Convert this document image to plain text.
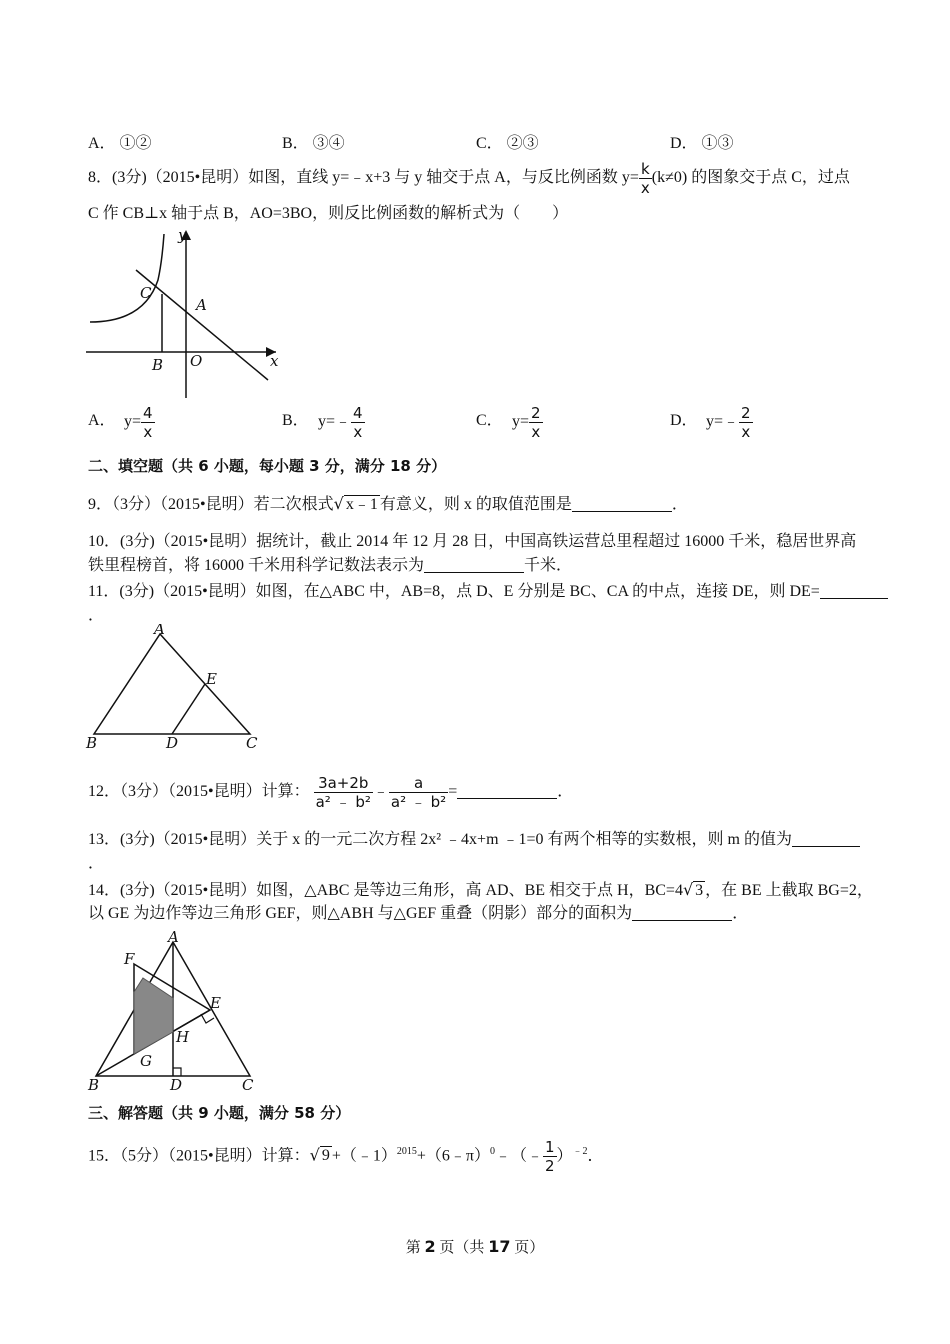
A． ①②	B． ③④	C． ②③	D． ①③
8．(3分)（2015•昆明）如图，直线 y=﹣x+3 与 y 轴交于点 A，与反比例函数 $y= \frac{k}{x} (k\ne 0)$ 的图象交于点 C，过点
C 作 CB⊥x 轴于点 B，AO=3BO，则反比例函数的解析式为（　　）
y
x
C
A
B O
A． $y= \frac{4}{x}$	B． y=﹣ $\frac{4}{x}$	C． $y= \frac{2}{x}$	D． y=﹣ $\frac{2}{x}$
二、填空题（共 6 小题，每小题 3 分，满分 18 分）
9．（3分）（2015•昆明）若二次根式√ x﹣1 有意义，则 x 的取值范围是	．
10．(3分)（2015•昆明）据统计，截止 2014 年 12 月 28 日，中国高铁运营总里程超过 16000 千米，稳居世界高
铁里程榜首，将 16000 千米用科学记数法表示为	千米．
11．(3分)（2015•昆明）如图，在△ABC 中，AB=8，点 D、E 分别是 BC、CA 的中点，连接 DE，则 DE=
．
A
E
B	D	C
12．（3分）（2015•昆明）计算： $\frac{3a+2b}{\text{a² ﹣ b²}}$ ﹣ $\frac{a}{\text{a² ﹣ b²}}$ =	．
13．(3分)（2015•昆明）关于 x 的一元二次方程 2x² ﹣4x+m ﹣1=0 有两个相等的实数根，则 m 的值为
．
14．(3分)（2015•昆明）如图，△ABC 是等边三角形，高 AD、BE 相交于点 H，BC=4√ 3 ，在 BE 上截取 BG=2，
以 GE 为边作等边三角形 GEF，则△ABH 与△GEF 重叠（阴影）部分的面积为	．
A
F
E
H
G
B	D	C
三、解答题（共 9 小题，满分 58 分）
15．（5分）（2015•昆明）计算：√ 9 +（﹣1）$^{2015}$+（6﹣π）$^0$﹣（﹣ $\frac{1}{2} )^{﹣2}$．
第 2 页（共 17 页）
